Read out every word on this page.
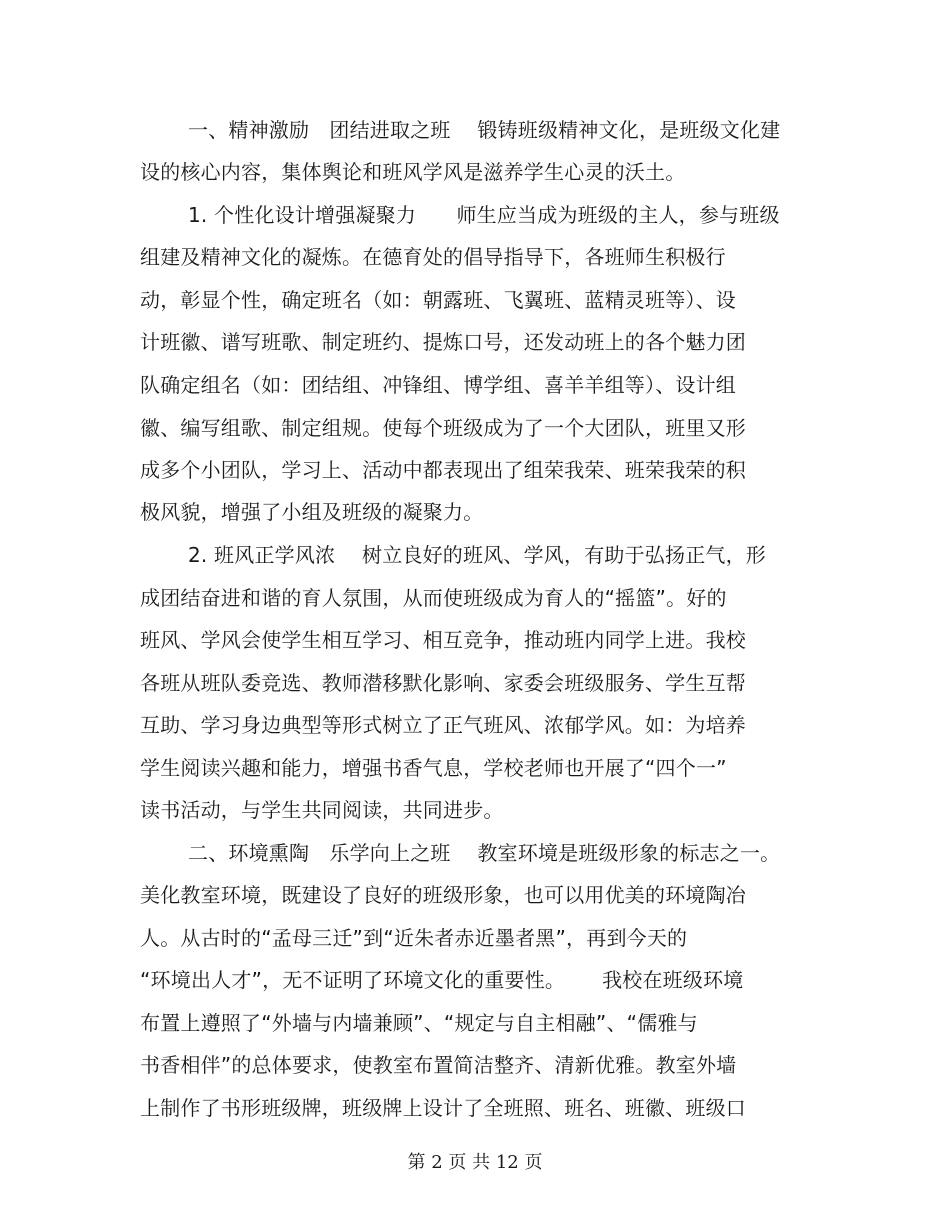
一、精神激励　团结进取之班　 锻铸班级精神文化，是班级文化建
设的核心内容，集体舆论和班风学风是滋养学生心灵的沃土。
1. 个性化设计增强凝聚力　　师生应当成为班级的主人，参与班级
组建及精神文化的凝炼。在德育处的倡导指导下，各班师生积极行
动，彰显个性，确定班名（如：朝露班、飞翼班、蓝精灵班等）、设
计班徽、谱写班歌、制定班约、提炼口号，还发动班上的各个魅力团
队确定组名（如：团结组、冲锋组、博学组、喜羊羊组等）、设计组
徽、编写组歌、制定组规。使每个班级成为了一个大团队，班里又形
成多个小团队，学习上、活动中都表现出了组荣我荣、班荣我荣的积
极风貌，增强了小组及班级的凝聚力。
2. 班风正学风浓　 树立良好的班风、学风，有助于弘扬正气，形
成团结奋进和谐的育人氛围，从而使班级成为育人的“摇篮”。好的
班风、学风会使学生相互学习、相互竞争，推动班内同学上进。我校
各班从班队委竞选、教师潜移默化影响、家委会班级服务、学生互帮
互助、学习身边典型等形式树立了正气班风、浓郁学风。如：为培养
学生阅读兴趣和能力，增强书香气息，学校老师也开展了“四个一”
读书活动，与学生共同阅读，共同进步。
二、环境熏陶　乐学向上之班　 教室环境是班级形象的标志之一。
美化教室环境，既建设了良好的班级形象，也可以用优美的环境陶冶
人。从古时的“孟母三迁”到“近朱者赤近墨者黑”，再到今天的
“环境出人才”，无不证明了环境文化的重要性。　　 我校在班级环境
布置上遵照了“外墙与内墙兼顾”、“规定与自主相融”、“儒雅与
书香相伴”的总体要求，使教室布置简洁整齐、清新优雅。教室外墙
上制作了书形班级牌，班级牌上设计了全班照、班名、班徽、班级口
第 2 页 共 12 页
